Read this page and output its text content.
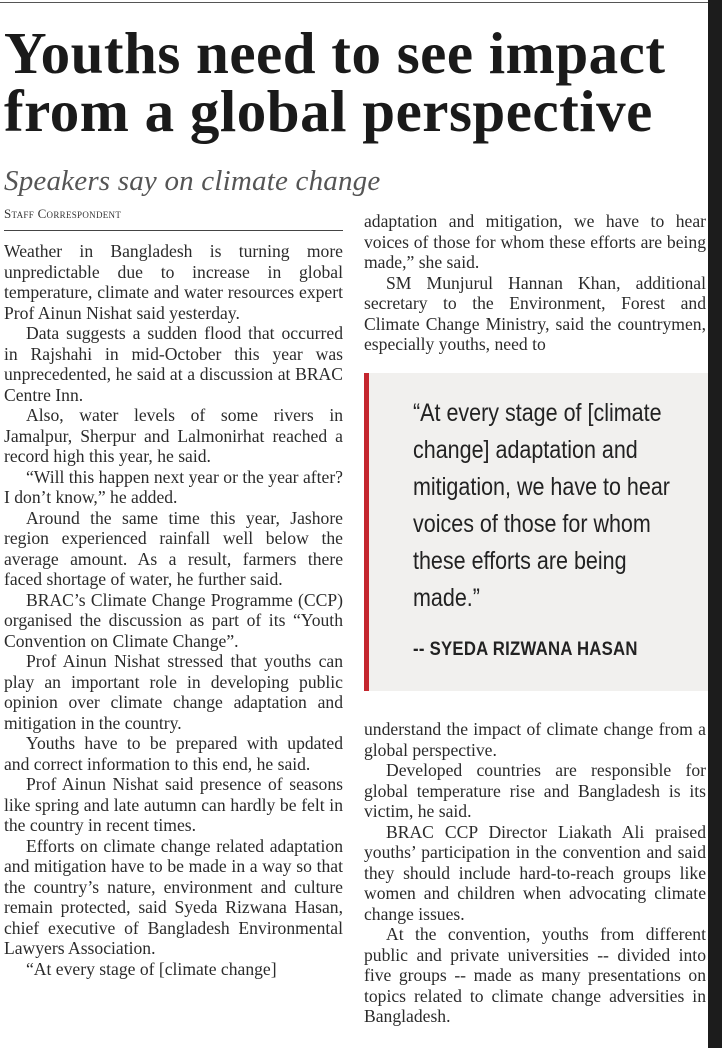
Youths need to see impact from a global perspective
Speakers say on climate change
Staff Correspondent

Weather in Bangladesh is turning more unpredictable due to increase in global temperature, climate and water resources expert Prof Ainun Nishat said yesterday.

Data suggests a sudden flood that occurred in Rajshahi in mid-October this year was unprecedented, he said at a discussion at BRAC Centre Inn.

Also, water levels of some rivers in Jamalpur, Sherpur and Lalmonirhat reached a record high this year, he said.

“Will this happen next year or the year after? I don’t know,” he added.

Around the same time this year, Jashore region experienced rainfall well below the average amount. As a result, farmers there faced shortage of water, he further said.

BRAC’s Climate Change Programme (CCP) organised the discussion as part of its “Youth Convention on Climate Change”.

Prof Ainun Nishat stressed that youths can play an important role in developing public opinion over climate change adaptation and mitigation in the country.

Youths have to be prepared with updated and correct information to this end, he said.

Prof Ainun Nishat said presence of seasons like spring and late autumn can hardly be felt in the country in recent times.

Efforts on climate change related adaptation and mitigation have to be made in a way so that the country’s nature, environment and culture remain protected, said Syeda Rizwana Hasan, chief executive of Bangladesh Environmental Lawyers Association.

“At every stage of [climate change]

adaptation and mitigation, we have to hear voices of those for whom these efforts are being made,” she said.

SM Munjurul Hannan Khan, additional secretary to the Environment, Forest and Climate Change Ministry, said the countrymen, especially youths, need to

“At every stage of [climate change] adaptation and mitigation, we have to hear voices of those for whom these efforts are being made.”
-- SYEDA RIZWANA HASAN

understand the impact of climate change from a global perspective.

Developed countries are responsible for global temperature rise and Bangladesh is its victim, he said.

BRAC CCP Director Liakath Ali praised youths’ participation in the convention and said they should include hard-to-reach groups like women and children when advocating climate change issues.

At the convention, youths from different public and private universities -- divided into five groups -- made as many presentations on topics related to climate change adversities in Bangladesh.
